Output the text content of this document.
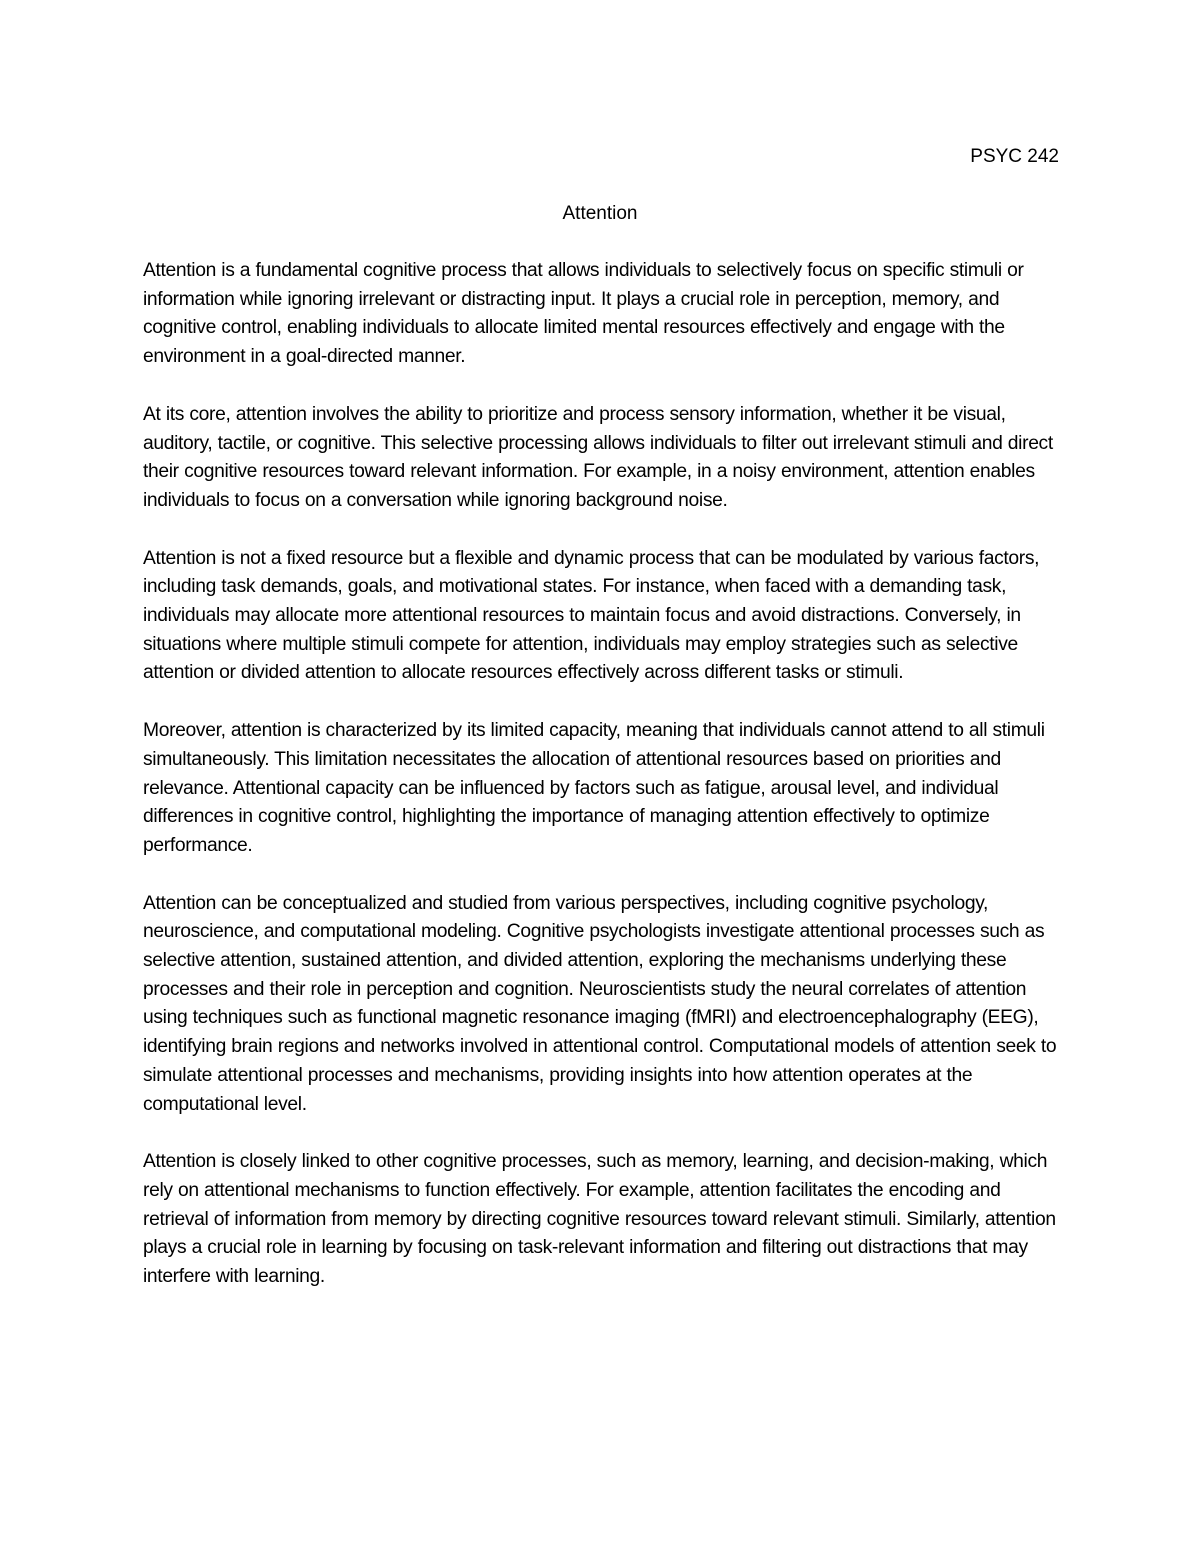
PSYC 242
Attention

Attention is a fundamental cognitive process that allows individuals to selectively focus on specific stimuli or information while ignoring irrelevant or distracting input. It plays a crucial role in perception, memory, and cognitive control, enabling individuals to allocate limited mental resources effectively and engage with the environment in a goal-directed manner.

At its core, attention involves the ability to prioritize and process sensory information, whether it be visual, auditory, tactile, or cognitive. This selective processing allows individuals to filter out irrelevant stimuli and direct their cognitive resources toward relevant information. For example, in a noisy environment, attention enables individuals to focus on a conversation while ignoring background noise.

Attention is not a fixed resource but a flexible and dynamic process that can be modulated by various factors, including task demands, goals, and motivational states. For instance, when faced with a demanding task, individuals may allocate more attentional resources to maintain focus and avoid distractions. Conversely, in situations where multiple stimuli compete for attention, individuals may employ strategies such as selective attention or divided attention to allocate resources effectively across different tasks or stimuli.

Moreover, attention is characterized by its limited capacity, meaning that individuals cannot attend to all stimuli simultaneously. This limitation necessitates the allocation of attentional resources based on priorities and relevance. Attentional capacity can be influenced by factors such as fatigue, arousal level, and individual differences in cognitive control, highlighting the importance of managing attention effectively to optimize performance.

Attention can be conceptualized and studied from various perspectives, including cognitive psychology, neuroscience, and computational modeling. Cognitive psychologists investigate attentional processes such as selective attention, sustained attention, and divided attention, exploring the mechanisms underlying these processes and their role in perception and cognition. Neuroscientists study the neural correlates of attention using techniques such as functional magnetic resonance imaging (fMRI) and electroencephalography (EEG), identifying brain regions and networks involved in attentional control. Computational models of attention seek to simulate attentional processes and mechanisms, providing insights into how attention operates at the computational level.

Attention is closely linked to other cognitive processes, such as memory, learning, and decision-making, which rely on attentional mechanisms to function effectively. For example, attention facilitates the encoding and retrieval of information from memory by directing cognitive resources toward relevant stimuli. Similarly, attention plays a crucial role in learning by focusing on task-relevant information and filtering out distractions that may interfere with learning.
